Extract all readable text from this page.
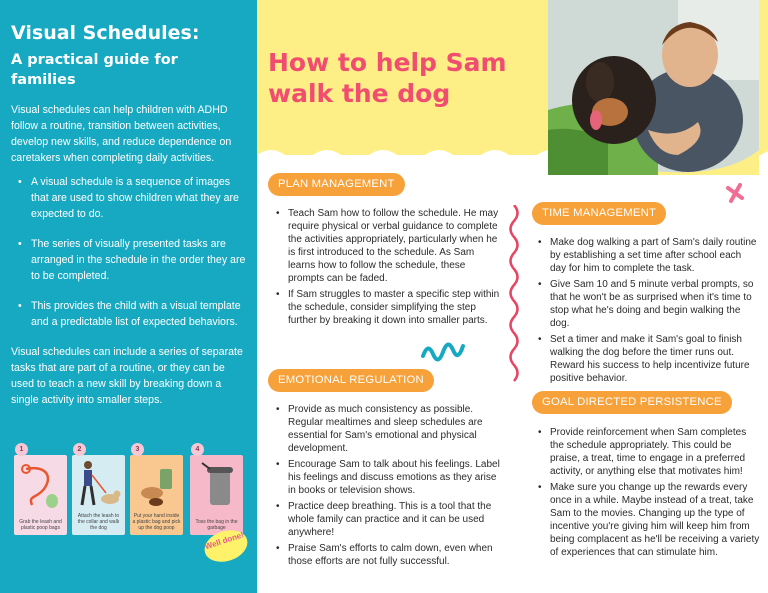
Visual Schedules:
A practical guide for families

Visual schedules can help children with ADHD follow a routine, transition between activities, develop new skills, and reduce dependence on caretakers when completing daily activities.

• A visual schedule is a sequence of images that are used to show children what they are expected to do.
• The series of visually presented tasks are arranged in the schedule in the order they are to be completed.
• This provides the child with a visual template and a predictable list of expected behaviors.

Visual schedules can include a series of separate tasks that are part of a routine, or they can be used to teach a new skill by breaking down a single activity into smaller steps.

Grab the leash and plastic poop bags
Attach the leash to the collar and walk the dog
Put your hand inside a plastic bag and pick up the dog poop
Toss the bag in the garbage
1	2	3	4
Well done!
How to help Sam walk the dog
PLAN MANAGEMENT
• Teach Sam how to follow the schedule. He may require physical or verbal guidance to complete the activities appropriately, particularly when he is first introduced to the schedule. As Sam learns how to follow the schedule, these prompts can be faded.
• If Sam struggles to master a specific step within the schedule, consider simplifying the step further by breaking it down into smaller parts.
EMOTIONAL REGULATION
• Provide as much consistency as possible. Regular mealtimes and sleep schedules are essential for Sam's emotional and physical development.
• Encourage Sam to talk about his feelings. Label his feelings and discuss emotions as they arise in books or television shows.
• Practice deep breathing. This is a tool that the whole family can practice and it can be used anywhere!
• Praise Sam's efforts to calm down, even when those efforts are not fully successful.
TIME MANAGEMENT
• Make dog walking a part of Sam's daily routine by establishing a set time after school each day for him to complete the task.
• Give Sam 10 and 5 minute verbal prompts, so that he won't be as surprised when it's time to stop what he's doing and begin walking the dog.
• Set a timer and make it Sam's goal to finish walking the dog before the timer runs out. Reward his success to help incentivize future positive behavior.
GOAL DIRECTED PERSISTENCE
• Provide reinforcement when Sam completes the schedule appropriately. This could be praise, a treat, time to engage in a preferred activity, or anything else that motivates him!
• Make sure you change up the rewards every once in a while. Maybe instead of a treat, take Sam to the movies. Changing up the type of incentive you're giving him will keep him from being complacent as he'll be receiving a variety of experiences that can stimulate him.
